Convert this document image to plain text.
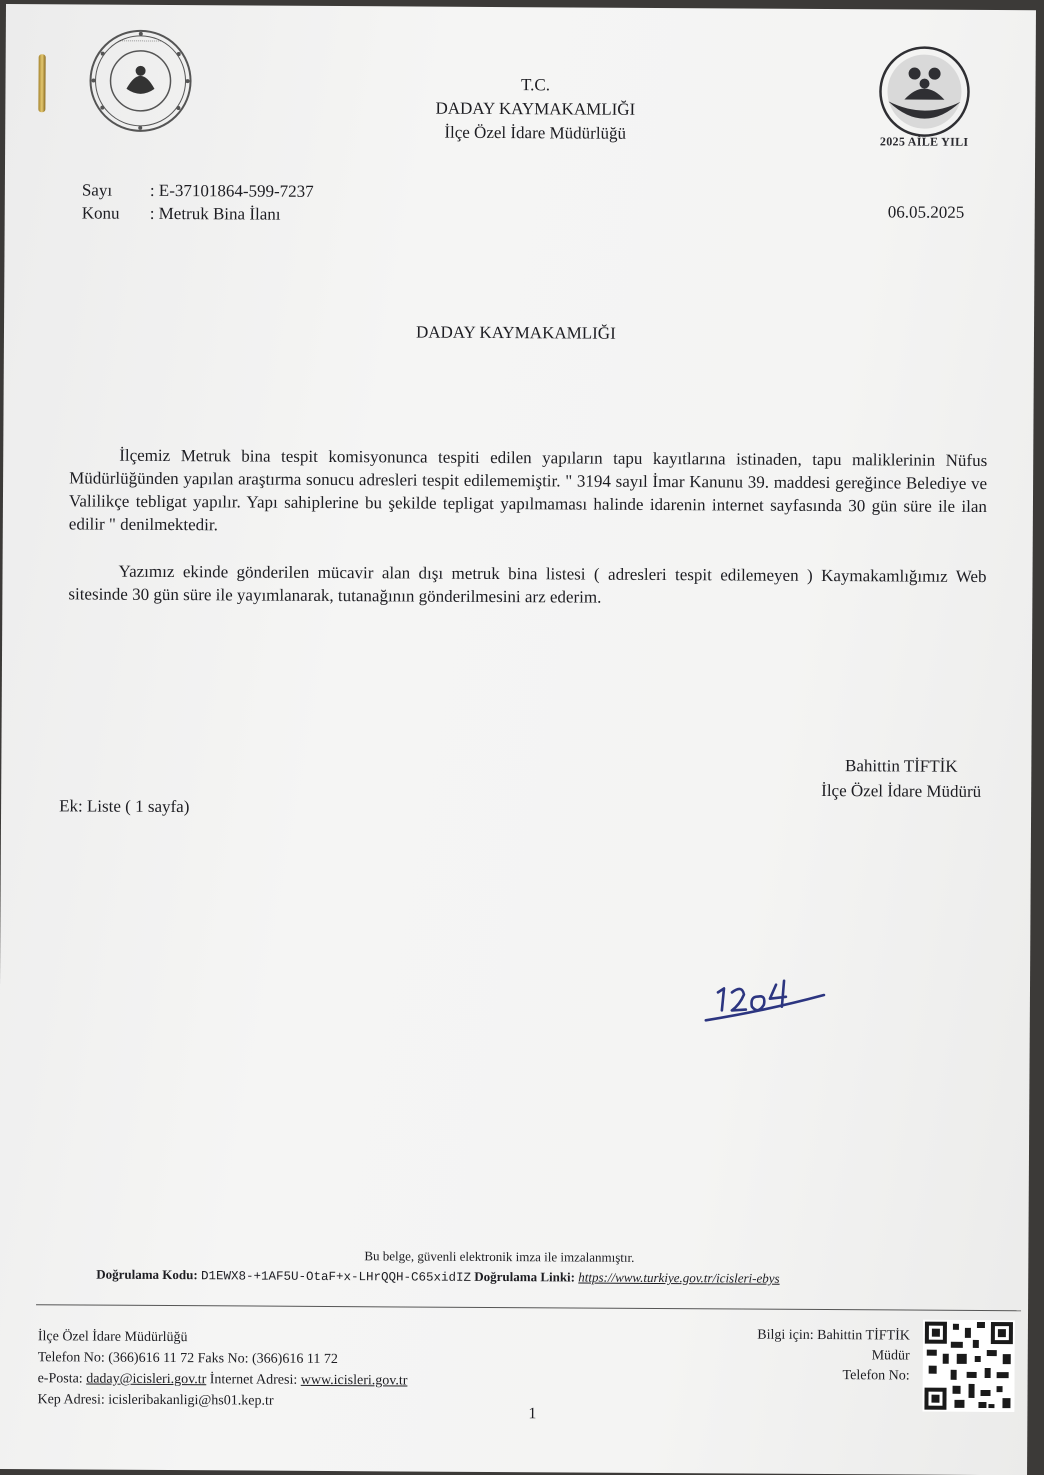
⋯⋯⋯⋯⋯⋯⋯
2025 AİLE YILI
T.C.
DADAY KAYMAKAMLIĞI
İlçe Özel İdare Müdürlüğü
Sayı : E-37101864-599-7237
Konu : Metruk Bina İlanı	06.05.2025
DADAY KAYMAKAMLIĞI

İlçemiz Metruk bina tespit komisyonunca tespiti edilen yapıların tapu kayıtlarına istinaden, tapu maliklerinin Nüfus Müdürlüğünden yapılan araştırma sonucu adresleri tespit edilememiştir. " 3194 sayıl İmar Kanunu 39. maddesi gereğince Belediye ve Valilikçe tebligat yapılır. Yapı sahiplerine bu şekilde tepligat yapılmaması halinde idarenin internet sayfasında 30 gün süre ile ilan edilir " denilmektedir.

Yazımız ekinde gönderilen mücavir alan dışı metruk bina listesi ( adresleri tespit edilemeyen ) Kaymakamlığımız Web sitesinde 30 gün süre ile yayımlanarak, tutanağının gönderilmesini arz ederim.

Bahittin TİFTİK
İlçe Özel İdare Müdürü
Ek: Liste ( 1 sayfa)
Bu belge, güvenli elektronik imza ile imzalanmıştır.
Doğrulama Kodu: D1EWX8-+1AF5U-OtaF+x-LHrQQH-C65xidIZ Doğrulama Linki: https://www.turkiye.gov.tr/icisleri-ebys
İlçe Özel İdare Müdürlüğü
Telefon No: (366)616 11 72 Faks No: (366)616 11 72
e-Posta: daday@icisleri.gov.tr İnternet Adresi: www.icisleri.gov.tr
Kep Adresi: icisleribakanligi@hs01.kep.tr
Bilgi için: Bahittin TİFTİK
Müdür
Telefon No:
1
